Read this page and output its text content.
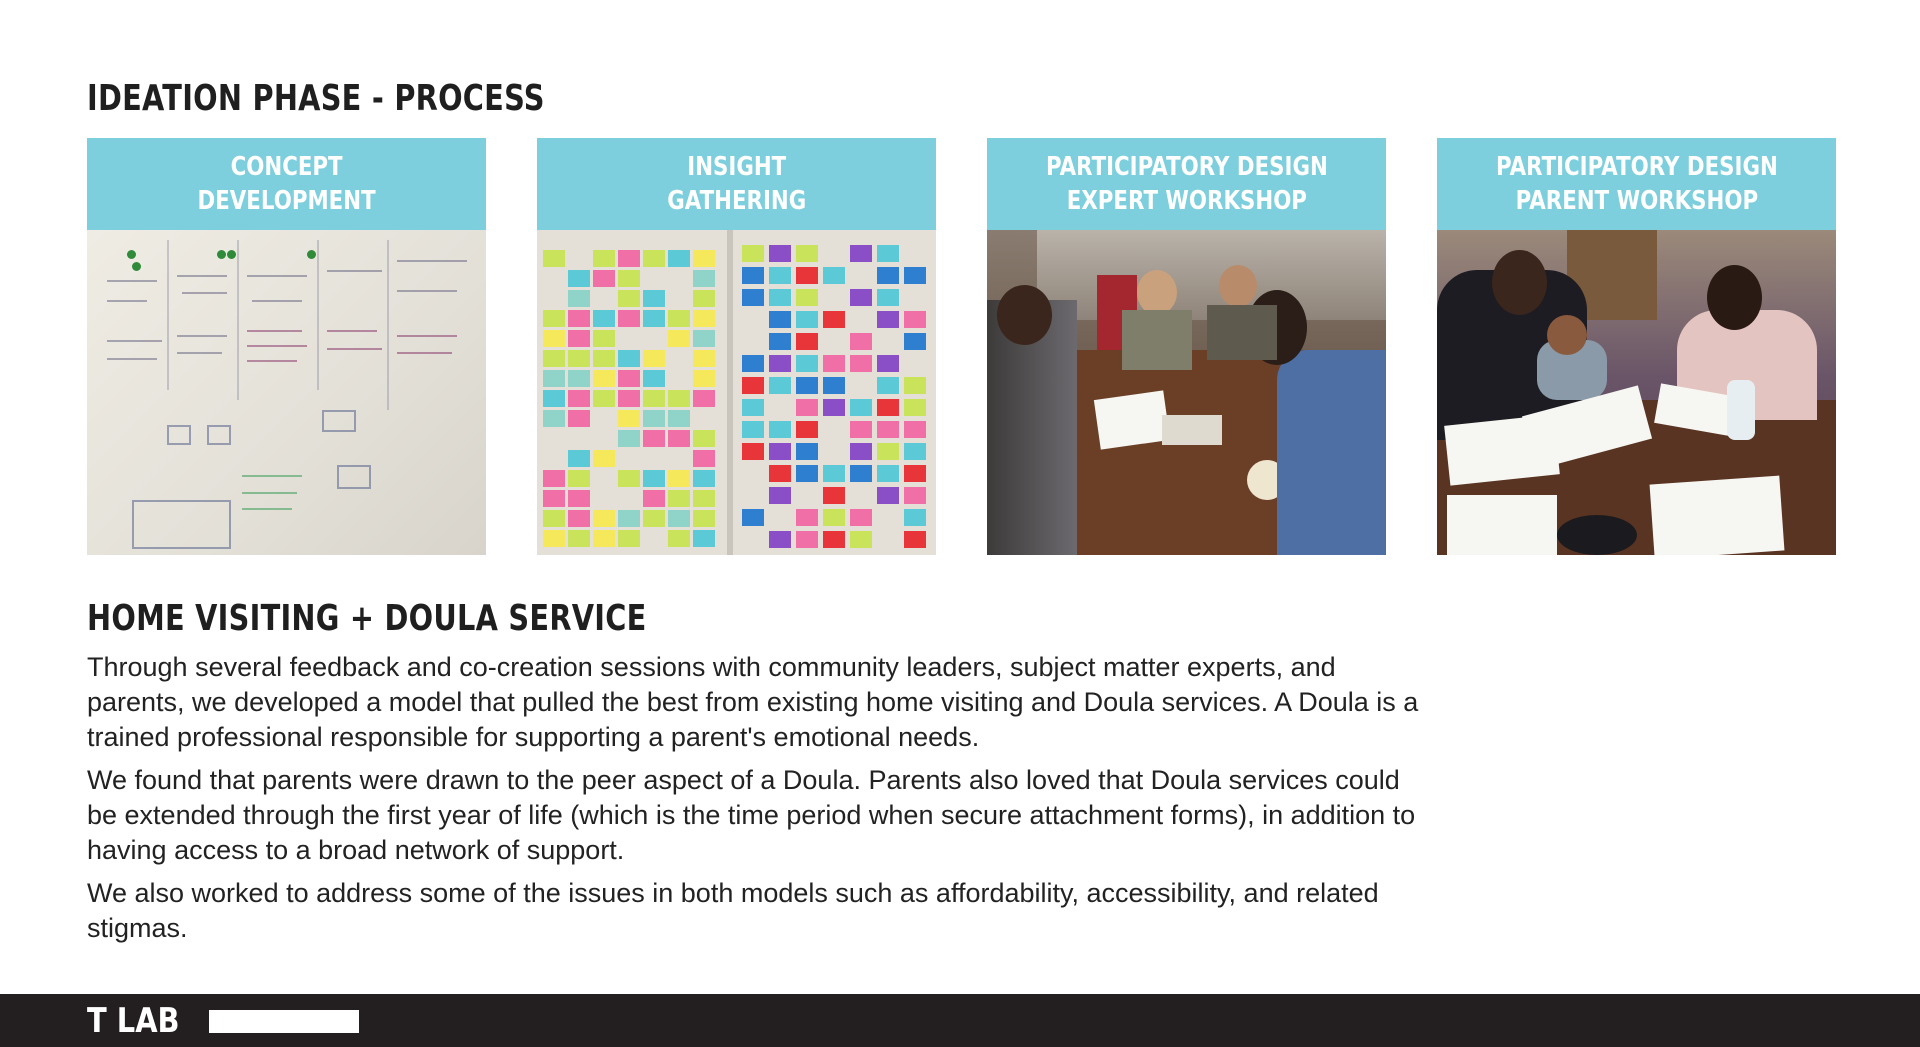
IDEATION PHASE - PROCESS
CONCEPT
DEVELOPMENT
INSIGHT
GATHERING
PARTICIPATORY DESIGN
EXPERT WORKSHOP
PARTICIPATORY DESIGN
PARENT WORKSHOP
HOME VISITING + DOULA SERVICE

Through several feedback and co-creation sessions with community leaders, subject matter experts, and parents, we developed a model that pulled the best from existing home visiting and Doula services. A Doula is a trained professional responsible for supporting a parent's emotional needs.

We found that parents were drawn to the peer aspect of a Doula. Parents also loved that Doula services could be extended through the first year of life (which is the time period when secure attachment forms), in addition to having access to a broad network of support.

We also worked to address some of the issues in both models such as affordability, accessibility, and related stigmas.

T LAB
